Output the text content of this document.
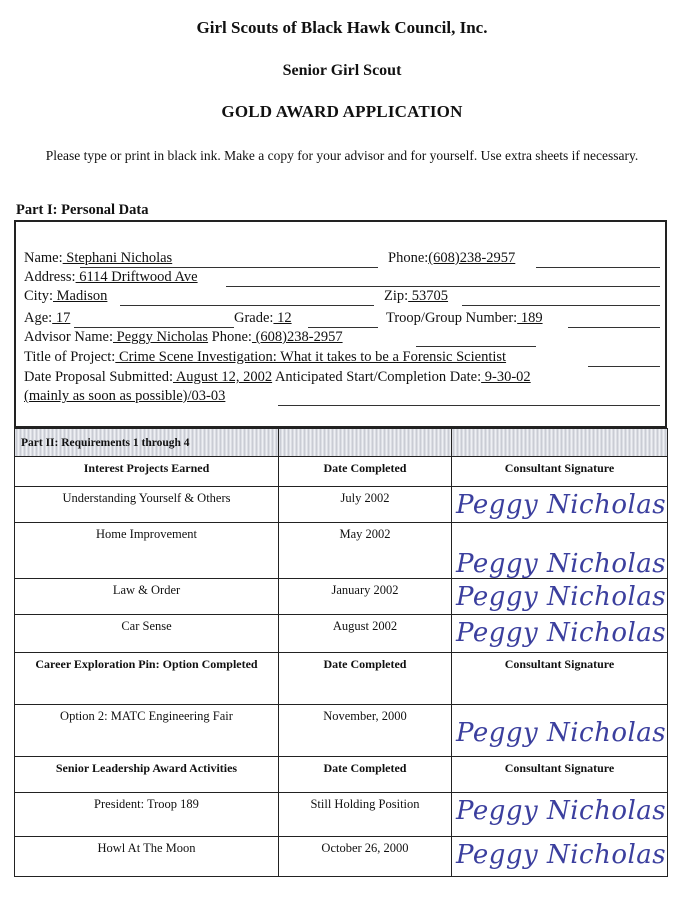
Girl Scouts of Black Hawk Council, Inc.
Senior Girl Scout
GOLD AWARD APPLICATION
Please type or print in black ink. Make a copy for your advisor and for yourself. Use extra sheets if necessary.
Part I: Personal Data
Name: Stephani Nicholas	Phone:(608)238-2957
Address: 6114 Driftwood Ave
City: Madison	Zip: 53705
Age: 17	Grade: 12	Troop/Group Number: 189
Advisor Name: Peggy Nicholas Phone: (608)238-2957
Title of Project: Crime Scene Investigation: What it takes to be a Forensic Scientist
Date Proposal Submitted: August 12, 2002 Anticipated Start/Completion Date: 9-30-02
(mainly as soon as possible)/03-03
Part II: Requirements 1 through 4		

Interest Projects Earned	Date Completed	Consultant Signature
Understanding Yourself & Others	July 2002	Peggy Nicholas

Home Improvement	May 2002	Peggy Nicholas

Law & Order	January 2002	Peggy Nicholas

Car Sense	August 2002	Peggy Nicholas

Career Exploration Pin: Option Completed	Date Completed	Consultant Signature
Option 2: MATC Engineering Fair	November, 2000	Peggy Nicholas

Senior Leadership Award Activities	Date Completed	Consultant Signature
President: Troop 189	Still Holding Position	Peggy Nicholas

Howl At The Moon	October 26, 2000	Peggy Nicholas
